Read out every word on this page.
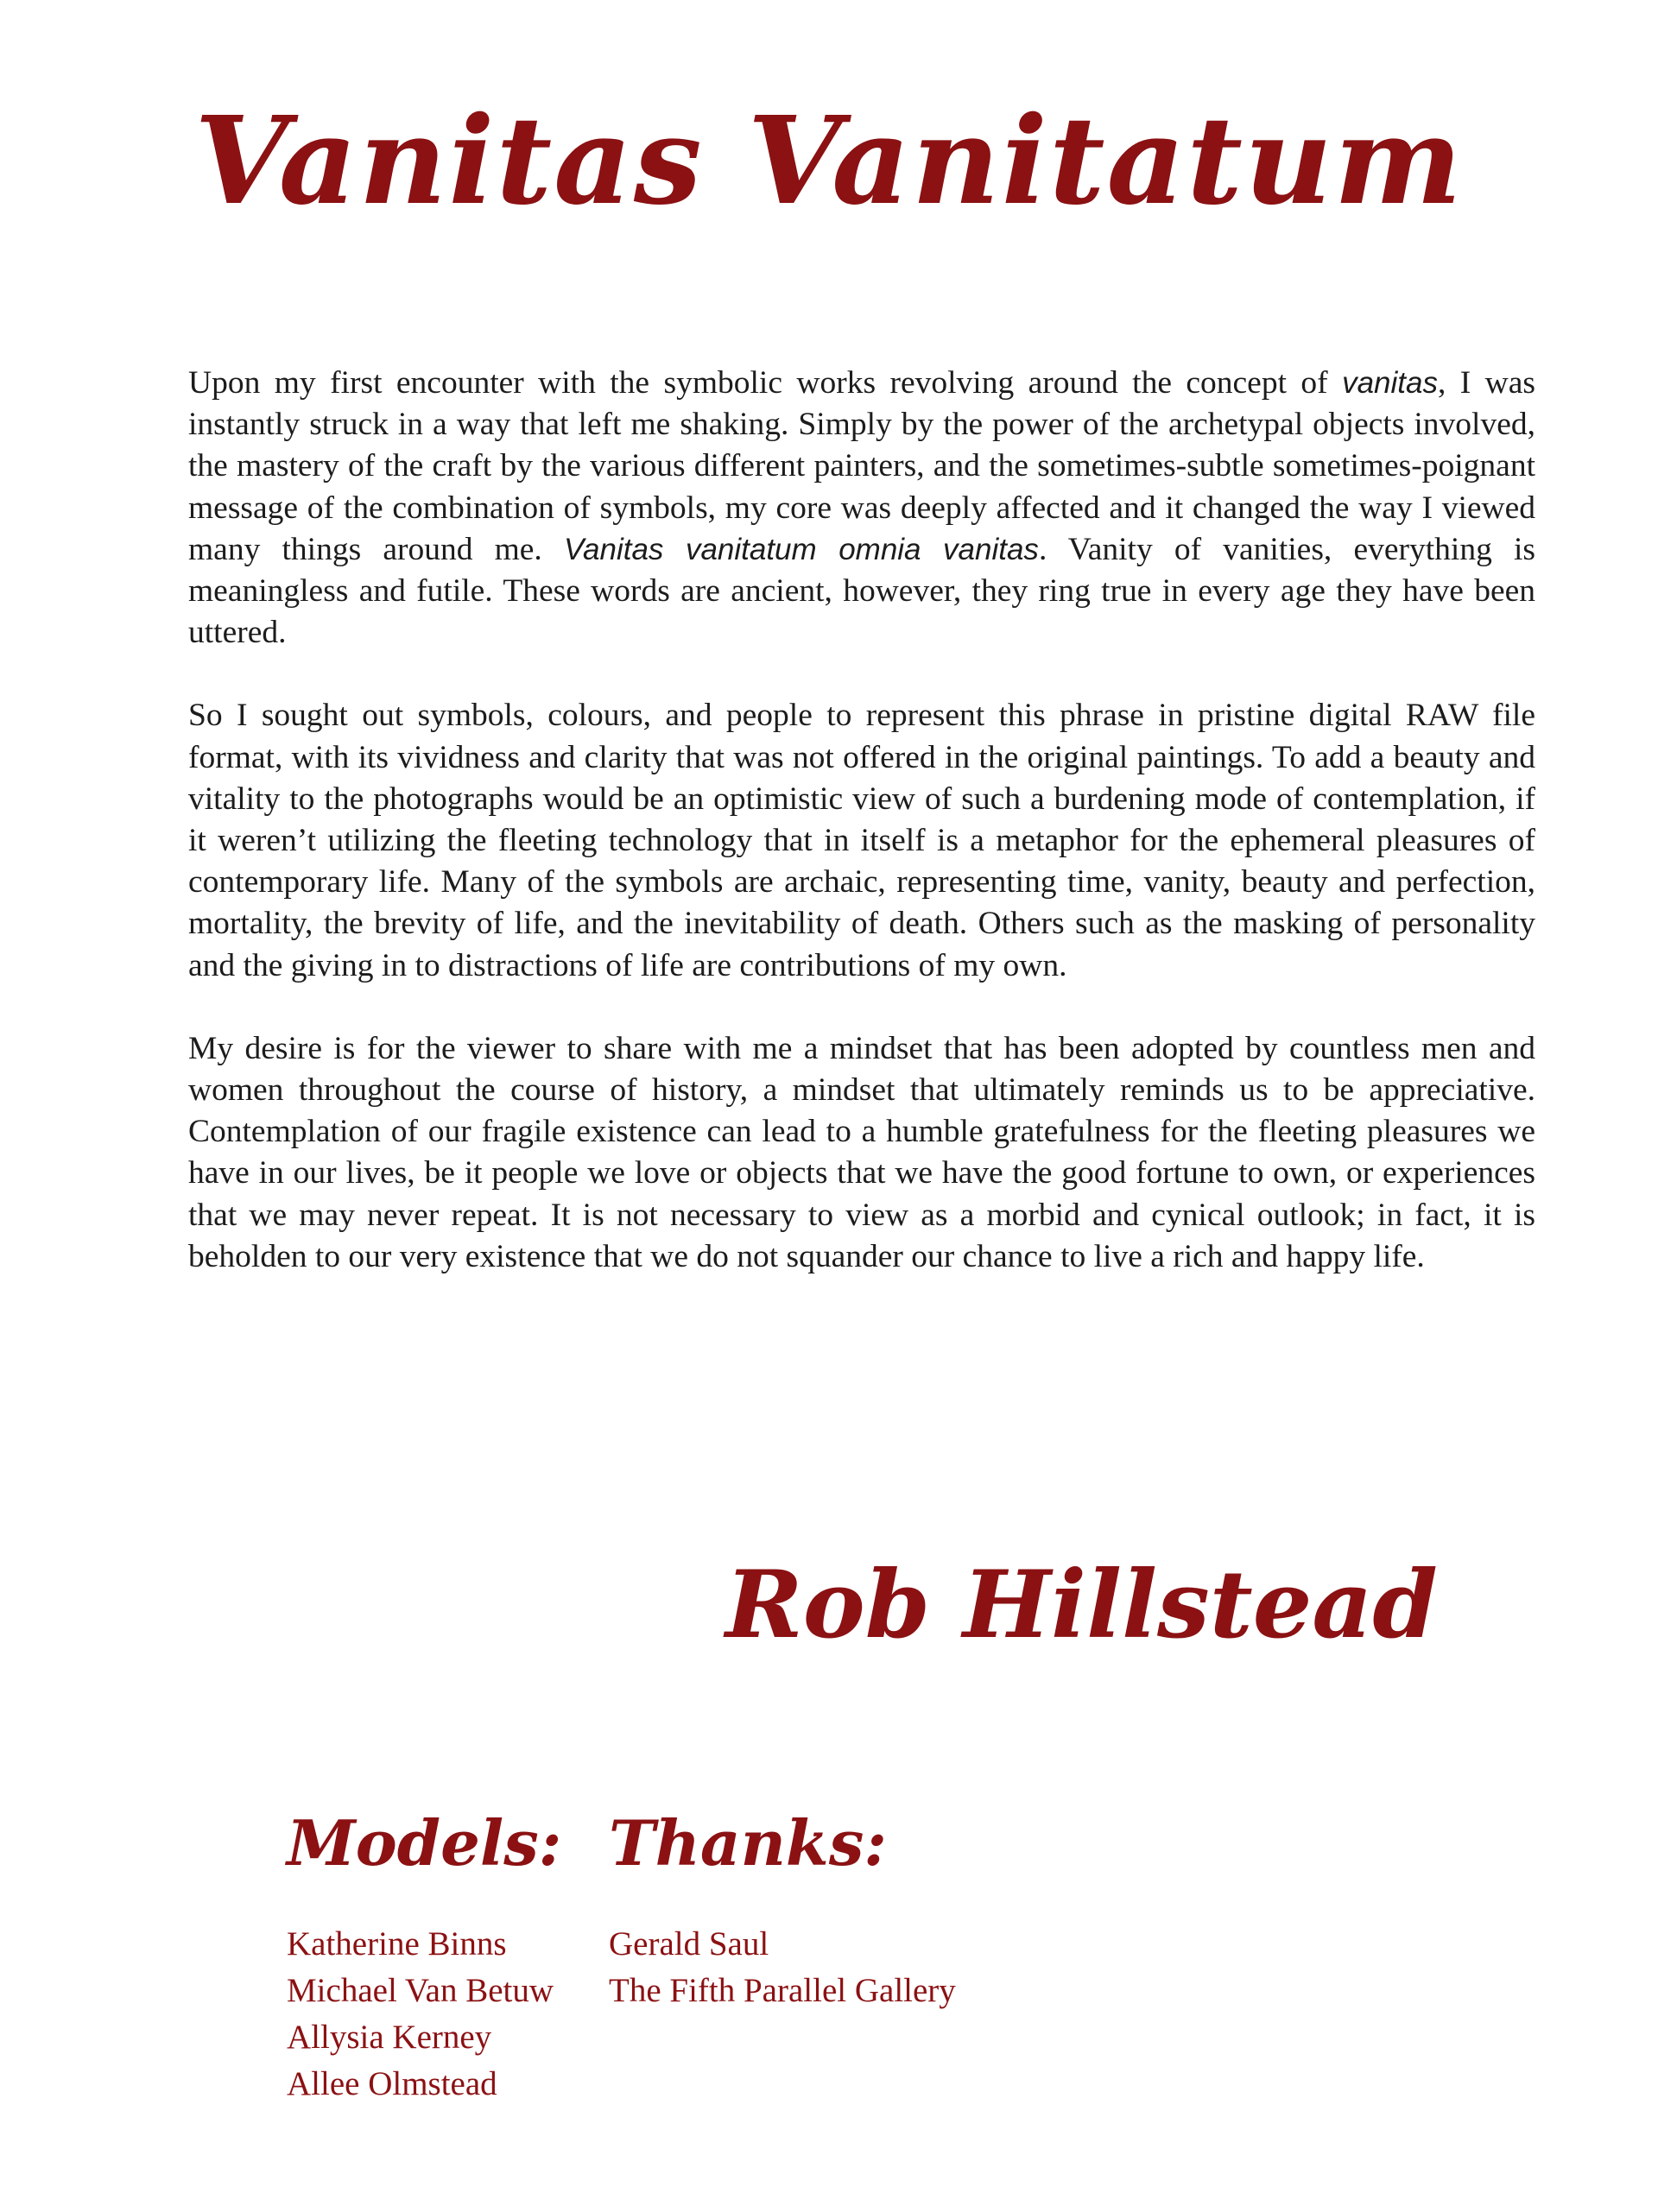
Vanitas Vanitatum

Upon my first encounter with the symbolic works revolving around the concept of vanitas, I was instantly struck in a way that left me shaking. Simply by the power of the archetypal objects involved, the mastery of the craft by the various different painters, and the sometimes-subtle sometimes-poignant message of the combination of symbols, my core was deeply affected and it changed the way I viewed many things around me. Vanitas vanitatum omnia vanitas. Vanity of vanities, everything is meaningless and futile. These words are ancient, however, they ring true in every age they have been uttered.

So I sought out symbols, colours, and people to represent this phrase in pristine digital RAW file format, with its vividness and clarity that was not offered in the original paintings. To add a beauty and vitality to the photographs would be an optimistic view of such a burdening mode of contemplation, if it weren’t utilizing the fleeting technology that in itself is a metaphor for the ephemeral pleasures of contemporary life. Many of the symbols are archaic, representing time, vanity, beauty and perfection, mortality, the brevity of life, and the inevitability of death. Others such as the masking of personality and the giving in to distractions of life are contributions of my own.

My desire is for the viewer to share with me a mindset that has been adopted by countless men and women throughout the course of history, a mindset that ultimately reminds us to be appreciative. Contemplation of our fragile existence can lead to a humble gratefulness for the fleeting pleasures we have in our lives, be it people we love or objects that we have the good fortune to own, or experiences that we may never repeat. It is not necessary to view as a morbid and cynical outlook; in fact, it is beholden to our very existence that we do not squander our chance to live a rich and happy life.

Rob Hillstead
Models: Thanks:
Katherine Binns
Michael Van Betuw
Allysia Kerney
Allee Olmstead
Gerald Saul
The Fifth Parallel Gallery
